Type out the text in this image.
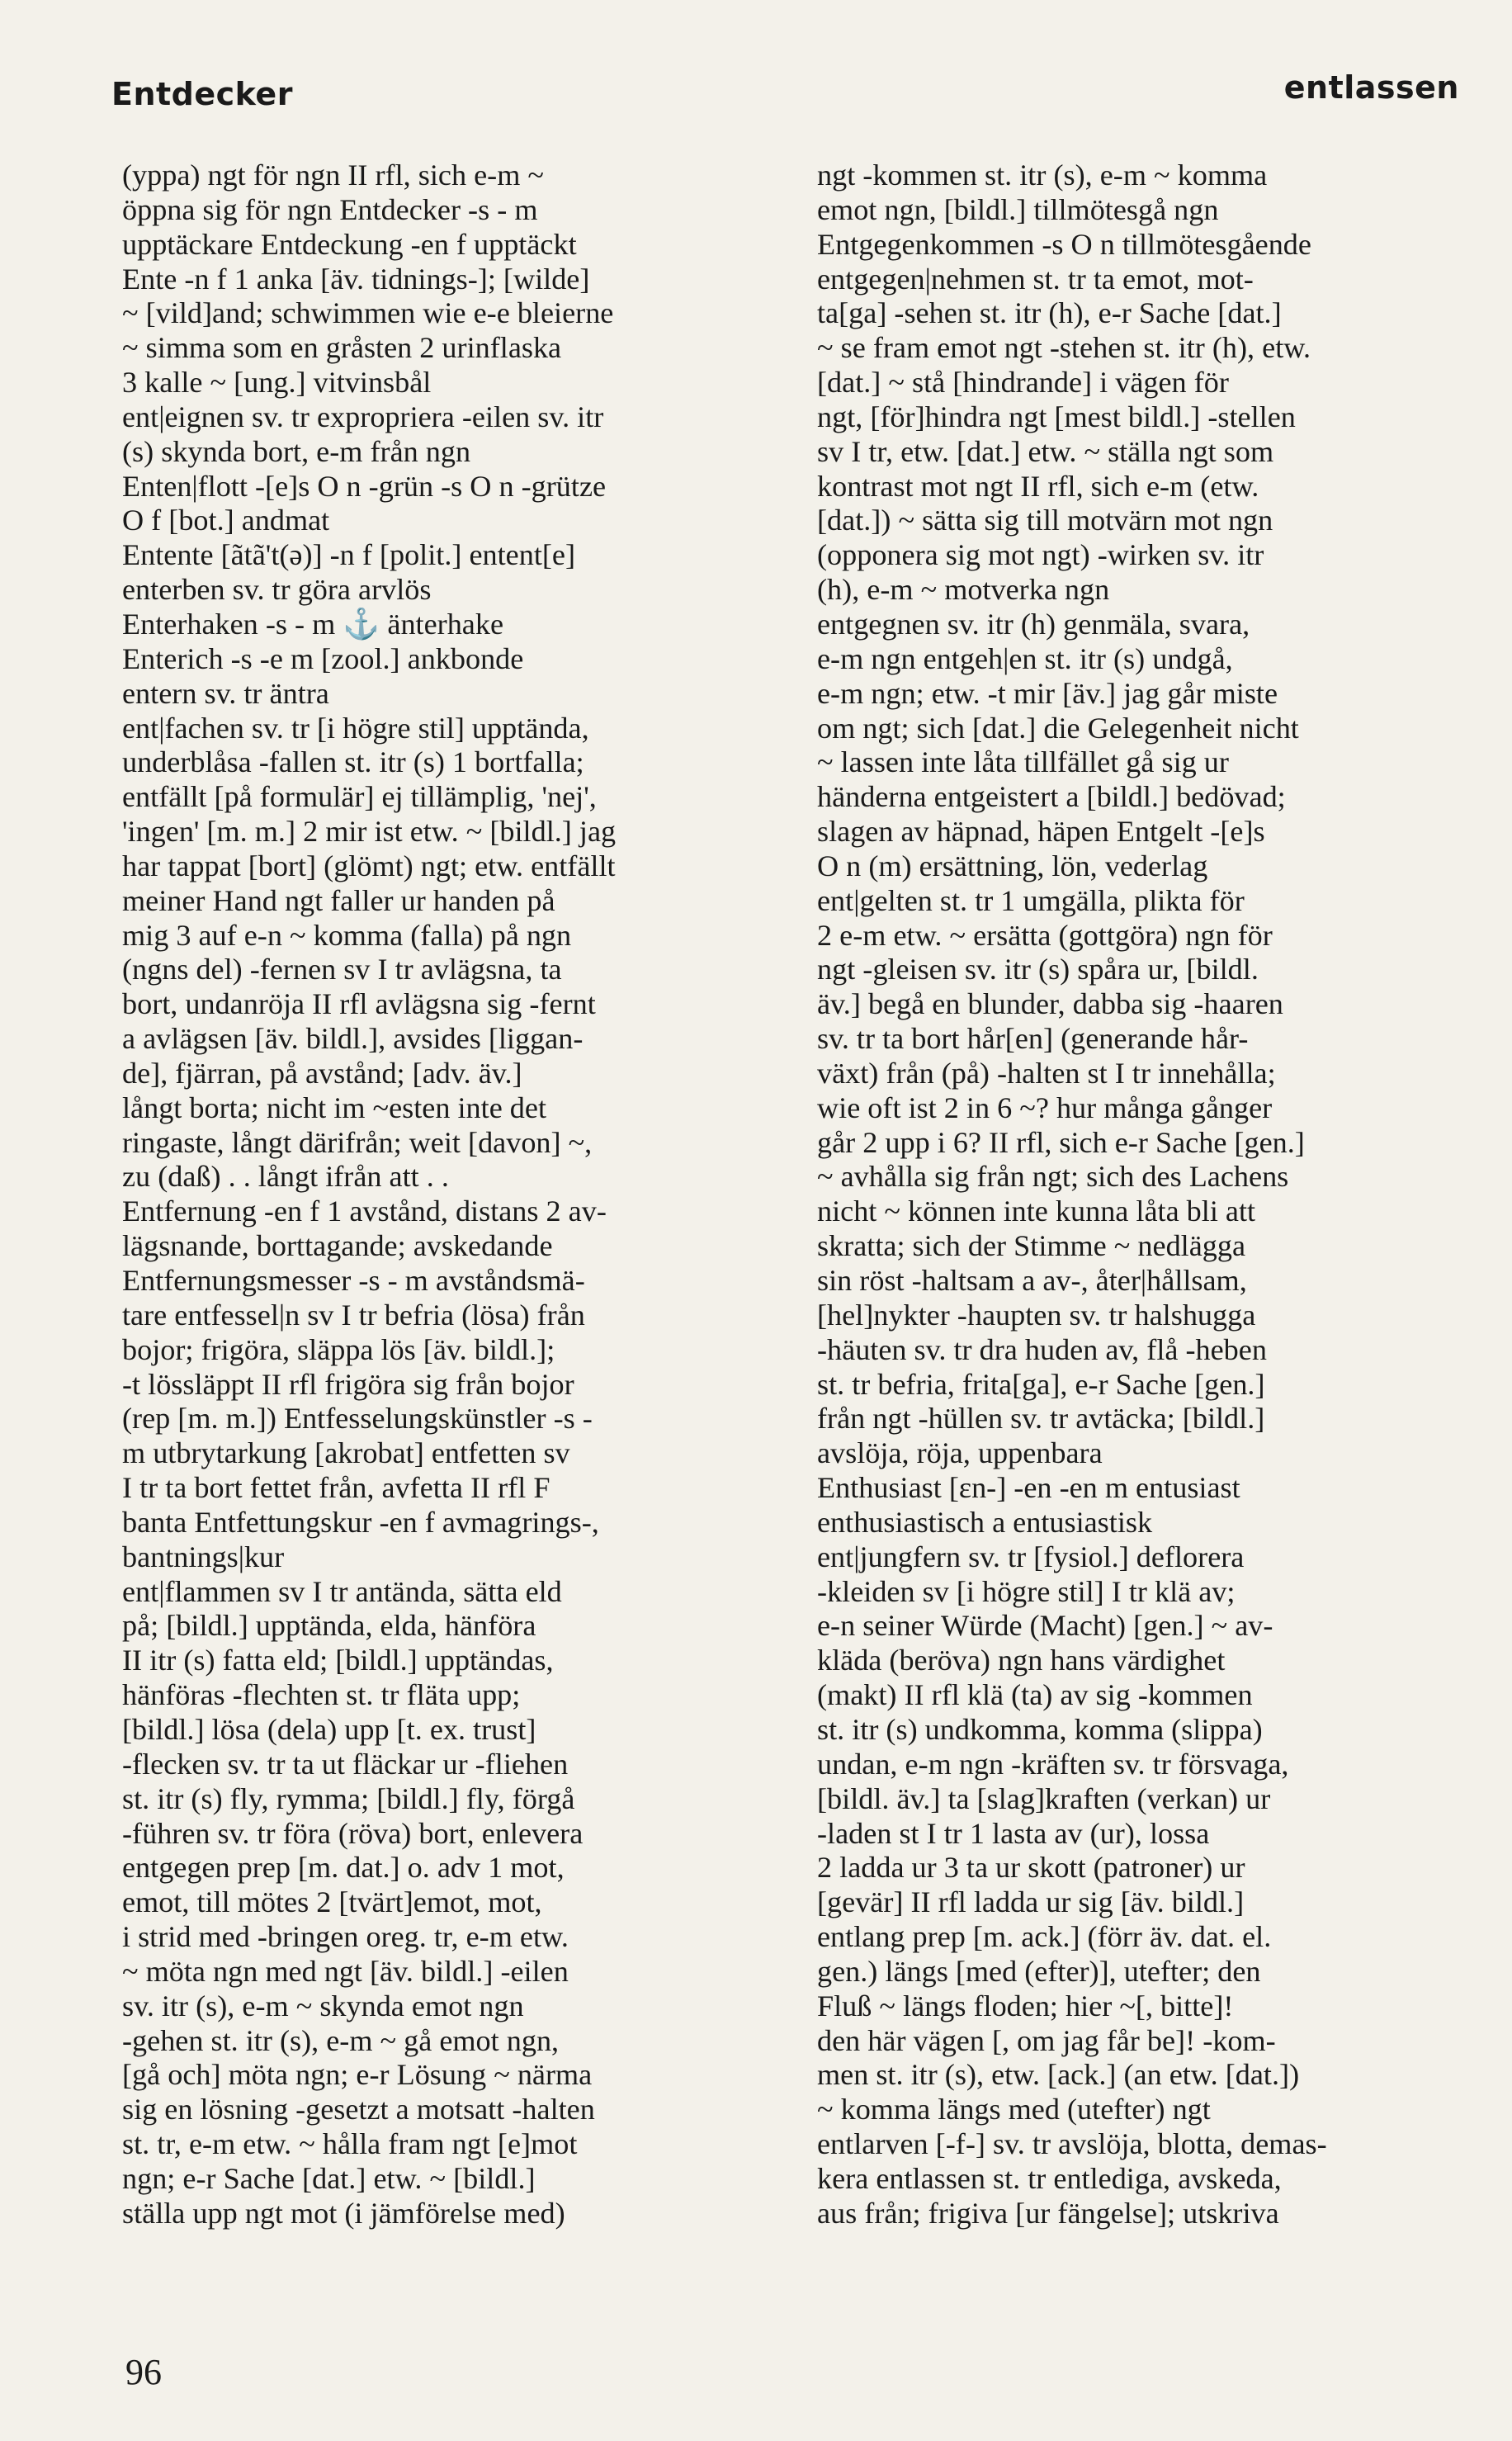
Entdecker	entlassen
(yppa) ngt för ngn II rfl, sich e-m ~
öppna sig för ngn Entdecker -s - m
upptäckare Entdeckung -en f upptäckt
Ente -n f 1 anka [äv. tidnings-]; [wilde]
~ [vild]and; schwimmen wie e-e bleierne
~ simma som en gråsten 2 urinflaska
3 kalle ~ [ung.] vitvinsbål
ent|eignen sv. tr expropriera -eilen sv. itr
(s) skynda bort, e-m från ngn
Enten|flott -[e]s O n -grün -s O n -grütze
O f [bot.] andmat
Entente [ãtã't(ə)] -n f [polit.] entent[e]
enterben sv. tr göra arvlös
Enterhaken -s - m ⚓ änterhake
Enterich -s -e m [zool.] ankbonde
entern sv. tr äntra
ent|fachen sv. tr [i högre stil] upptända,
underblåsa -fallen st. itr (s) 1 bortfalla;
entfällt [på formulär] ej tillämplig, 'nej',
'ingen' [m. m.] 2 mir ist etw. ~ [bildl.] jag
har tappat [bort] (glömt) ngt; etw. entfällt
meiner Hand ngt faller ur handen på
mig 3 auf e-n ~ komma (falla) på ngn
(ngns del) -fernen sv I tr avlägsna, ta
bort, undanröja II rfl avlägsna sig -fernt
a avlägsen [äv. bildl.], avsides [liggan-
de], fjärran, på avstånd; [adv. äv.]
långt borta; nicht im ~esten inte det
ringaste, långt därifrån; weit [davon] ~,
zu (daß) . . långt ifrån att . .
Entfernung -en f 1 avstånd, distans 2 av-
lägsnande, borttagande; avskedande
Entfernungsmesser -s - m avståndsmä-
tare entfessel|n sv I tr befria (lösa) från
bojor; frigöra, släppa lös [äv. bildl.];
-t lössläppt II rfl frigöra sig från bojor
(rep [m. m.]) Entfesselungskünstler -s -
m utbrytarkung [akrobat] entfetten sv
I tr ta bort fettet från, avfetta II rfl F
banta Entfettungskur -en f avmagrings-,
bantnings|kur
ent|flammen sv I tr antända, sätta eld
på; [bildl.] upptända, elda, hänföra
II itr (s) fatta eld; [bildl.] upptändas,
hänföras -flechten st. tr fläta upp;
[bildl.] lösa (dela) upp [t. ex. trust]
-flecken sv. tr ta ut fläckar ur -fliehen
st. itr (s) fly, rymma; [bildl.] fly, förgå
-führen sv. tr föra (röva) bort, enlevera
entgegen prep [m. dat.] o. adv 1 mot,
emot, till mötes 2 [tvärt]emot, mot,
i strid med -bringen oreg. tr, e-m etw.
~ möta ngn med ngt [äv. bildl.] -eilen
sv. itr (s), e-m ~ skynda emot ngn
-gehen st. itr (s), e-m ~ gå emot ngn,
[gå och] möta ngn; e-r Lösung ~ närma
sig en lösning -gesetzt a motsatt -halten
st. tr, e-m etw. ~ hålla fram ngt [e]mot
ngn; e-r Sache [dat.] etw. ~ [bildl.]
ställa upp ngt mot (i jämförelse med)
ngt -kommen st. itr (s), e-m ~ komma
emot ngn, [bildl.] tillmötesgå ngn
Entgegenkommen -s O n tillmötesgående
entgegen|nehmen st. tr ta emot, mot-
ta[ga] -sehen st. itr (h), e-r Sache [dat.]
~ se fram emot ngt -stehen st. itr (h), etw.
[dat.] ~ stå [hindrande] i vägen för
ngt, [för]hindra ngt [mest bildl.] -stellen
sv I tr, etw. [dat.] etw. ~ ställa ngt som
kontrast mot ngt II rfl, sich e-m (etw.
[dat.]) ~ sätta sig till motvärn mot ngn
(opponera sig mot ngt) -wirken sv. itr
(h), e-m ~ motverka ngn
entgegnen sv. itr (h) genmäla, svara,
e-m ngn entgeh|en st. itr (s) undgå,
e-m ngn; etw. -t mir [äv.] jag går miste
om ngt; sich [dat.] die Gelegenheit nicht
~ lassen inte låta tillfället gå sig ur
händerna entgeistert a [bildl.] bedövad;
slagen av häpnad, häpen Entgelt -[e]s
O n (m) ersättning, lön, vederlag
ent|gelten st. tr 1 umgälla, plikta för
2 e-m etw. ~ ersätta (gottgöra) ngn för
ngt -gleisen sv. itr (s) spåra ur, [bildl.
äv.] begå en blunder, dabba sig -haaren
sv. tr ta bort hår[en] (generande hår-
växt) från (på) -halten st I tr innehålla;
wie oft ist 2 in 6 ~? hur många gånger
går 2 upp i 6? II rfl, sich e-r Sache [gen.]
~ avhålla sig från ngt; sich des Lachens
nicht ~ können inte kunna låta bli att
skratta; sich der Stimme ~ nedlägga
sin röst -haltsam a av-, åter|hållsam,
[hel]nykter -haupten sv. tr halshugga
-häuten sv. tr dra huden av, flå -heben
st. tr befria, frita[ga], e-r Sache [gen.]
från ngt -hüllen sv. tr avtäcka; [bildl.]
avslöja, röja, uppenbara
Enthusiast [ɛn-] -en -en m entusiast
enthusiastisch a entusiastisk
ent|jungfern sv. tr [fysiol.] deflorera
-kleiden sv [i högre stil] I tr klä av;
e-n seiner Würde (Macht) [gen.] ~ av-
kläda (beröva) ngn hans värdighet
(makt) II rfl klä (ta) av sig -kommen
st. itr (s) undkomma, komma (slippa)
undan, e-m ngn -kräften sv. tr försvaga,
[bildl. äv.] ta [slag]kraften (verkan) ur
-laden st I tr 1 lasta av (ur), lossa
2 ladda ur 3 ta ur skott (patroner) ur
[gevär] II rfl ladda ur sig [äv. bildl.]
entlang prep [m. ack.] (förr äv. dat. el.
gen.) längs [med (efter)], utefter; den
Fluß ~ längs floden; hier ~[, bitte]!
den här vägen [, om jag får be]! -kom-
men st. itr (s), etw. [ack.] (an etw. [dat.])
~ komma längs med (utefter) ngt
entlarven [-f-] sv. tr avslöja, blotta, demas-
kera entlassen st. tr entlediga, avskeda,
aus från; frigiva [ur fängelse]; utskriva
96
